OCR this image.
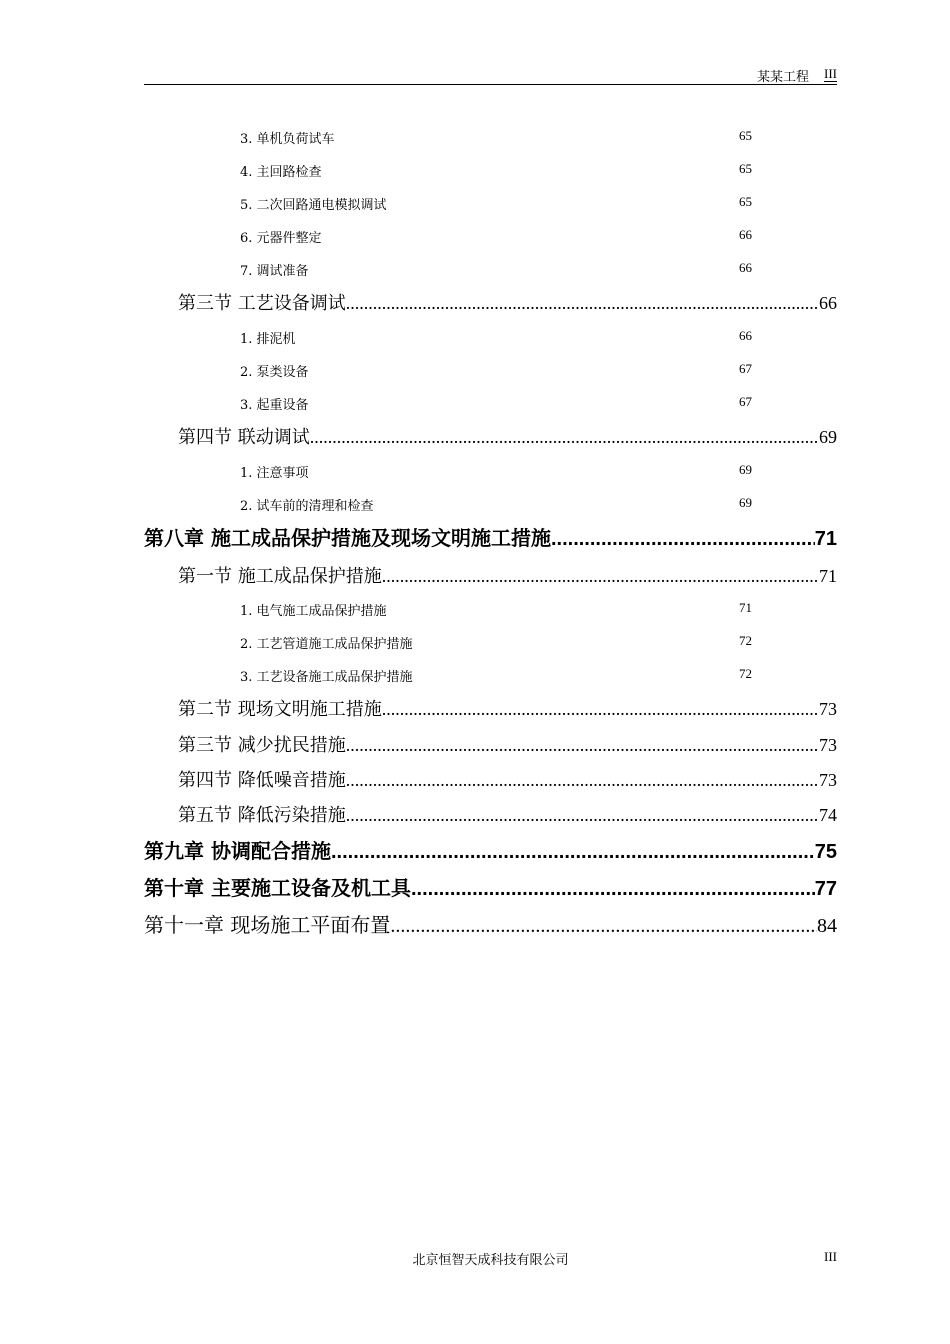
某某工程 III
3. 单机负荷试车	65
4. 主回路检查	65
5. 二次回路通电模拟调试	65
6. 元器件整定	66
7. 调试准备	66
第三节 工艺设备调试 .....	66
1. 排泥机	66
2. 泵类设备	67
3. 起重设备	67
第四节 联动调试 .....	69
1. 注意事项	69
2. 试车前的清理和检查	69
第八章 施工成品保护措施及现场文明施工措施 .....	71
第一节 施工成品保护措施 .....	71
1. 电气施工成品保护措施	71
2. 工艺管道施工成品保护措施	72
3. 工艺设备施工成品保护措施	72
第二节 现场文明施工措施 .....	73
第三节 减少扰民措施 .....	73
第四节 降低噪音措施 .....	73
第五节 降低污染措施 .....	74
第九章 协调配合措施 .....	75
第十章 主要施工设备及机工具 .....	77
第十一章 现场施工平面布置 .....	84
北京恒智天成科技有限公司	III
